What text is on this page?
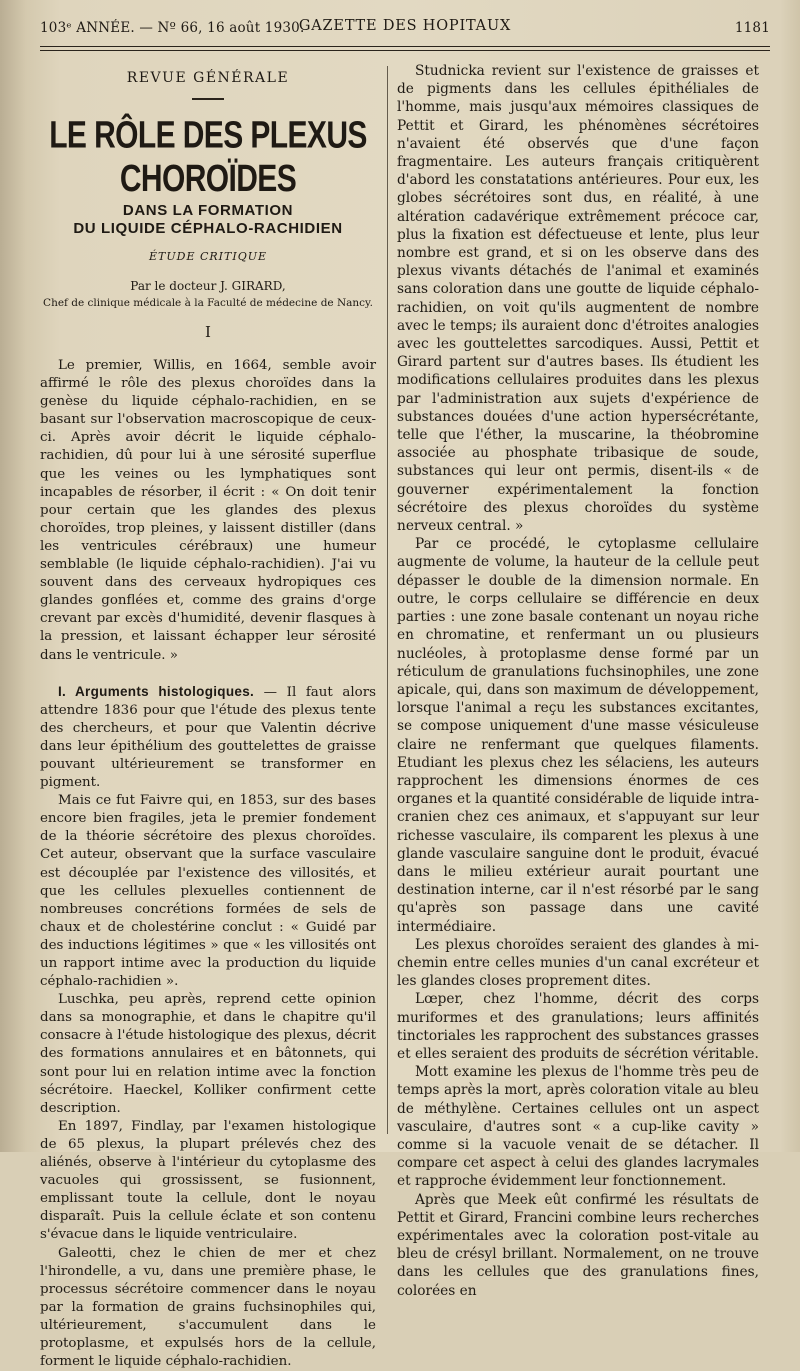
103ᵉ ANNÉE. — Nº 66, 16 août 1930.
GAZETTE DES HOPITAUX	1181
REVUE GÉNÉRALE
LE RÔLE DES PLEXUS CHOROÏDES
DANS LA FORMATION
DU LIQUIDE CÉPHALO-RACHIDIEN
ÉTUDE CRITIQUE
Par le docteur J. GIRARD,
Chef de clinique médicale à la Faculté de médecine de Nancy.
I

Le premier, Willis, en 1664, semble avoir affirmé le rôle des plexus choroïdes dans la genèse du liquide céphalo-rachidien, en se basant sur l'observation macroscopique de ceux-ci. Après avoir décrit le liquide céphalo-rachidien, dû pour lui à une sérosité superflue que les veines ou les lymphatiques sont incapables de résorber, il écrit : « On doit tenir pour certain que les glandes des plexus choroïdes, trop pleines, y laissent distiller (dans les ventricules cérébraux) une humeur semblable (le liquide céphalo-rachidien). J'ai vu souvent dans des cerveaux hydropiques ces glandes gonflées et, comme des grains d'orge crevant par excès d'humidité, devenir flasques à la pression, et laissant échapper leur sérosité dans le ventricule. »

I. Arguments histologiques. — Il faut alors attendre 1836 pour que l'étude des plexus tente des chercheurs, et pour que Valentin décrive dans leur épithélium des gouttelettes de graisse pouvant ultérieurement se transformer en pigment.

Mais ce fut Faivre qui, en 1853, sur des bases encore bien fragiles, jeta le premier fondement de la théorie sécrétoire des plexus choroïdes. Cet auteur, observant que la surface vasculaire est découplée par l'existence des villosités, et que les cellules plexuelles contiennent de nombreuses concrétions formées de sels de chaux et de cholestérine conclut : « Guidé par des inductions légitimes » que « les villosités ont un rapport intime avec la production du liquide céphalo-rachidien ».

Luschka, peu après, reprend cette opinion dans sa monographie, et dans le chapitre qu'il consacre à l'étude histologique des plexus, décrit des formations annulaires et en bâtonnets, qui sont pour lui en relation intime avec la fonction sécrétoire. Haeckel, Kolliker confirment cette description.

En 1897, Findlay, par l'examen histologique de 65 plexus, la plupart prélevés chez des aliénés, observe à l'intérieur du cytoplasme des vacuoles qui grossissent, se fusionnent, emplissant toute la cellule, dont le noyau disparaît. Puis la cellule éclate et son contenu s'évacue dans le liquide ventriculaire.

Galeotti, chez le chien de mer et chez l'hirondelle, a vu, dans une première phase, le processus sécrétoire commencer dans le noyau par la formation de grains fuchsinophiles qui, ultérieurement, s'accumulent dans le protoplasme, et expulsés hors de la cellule, forment le liquide céphalo-rachidien.

Studnicka revient sur l'existence de graisses et de pigments dans les cellules épithéliales de l'homme, mais jusqu'aux mémoires classiques de Pettit et Girard, les phénomènes sécrétoires n'avaient été observés que d'une façon fragmentaire. Les auteurs français critiquèrent d'abord les constatations antérieures. Pour eux, les globes sécrétoires sont dus, en réalité, à une altération cadavérique extrêmement précoce car, plus la fixation est défectueuse et lente, plus leur nombre est grand, et si on les observe dans des plexus vivants détachés de l'animal et examinés sans coloration dans une goutte de liquide céphalo-rachidien, on voit qu'ils augmentent de nombre avec le temps; ils auraient donc d'étroites analogies avec les gouttelettes sarcodiques. Aussi, Pettit et Girard partent sur d'autres bases. Ils étudient les modifications cellulaires produites dans les plexus par l'administration aux sujets d'expérience de substances douées d'une action hypersécrétante, telle que l'éther, la muscarine, la théobromine associée au phosphate tribasique de soude, substances qui leur ont permis, disent-ils « de gouverner expérimentalement la fonction sécrétoire des plexus choroïdes du système nerveux central. »

Par ce procédé, le cytoplasme cellulaire augmente de volume, la hauteur de la cellule peut dépasser le double de la dimension normale. En outre, le corps cellulaire se différencie en deux parties : une zone basale contenant un noyau riche en chromatine, et renfermant un ou plusieurs nucléoles, à protoplasme dense formé par un réticulum de granulations fuchsinophiles, une zone apicale, qui, dans son maximum de développement, lorsque l'animal a reçu les substances excitantes, se compose uniquement d'une masse vésiculeuse claire ne renfermant que quelques filaments. Etudiant les plexus chez les sélaciens, les auteurs rapprochent les dimensions énormes de ces organes et la quantité considérable de liquide intra-cranien chez ces animaux, et s'appuyant sur leur richesse vasculaire, ils comparent les plexus à une glande vasculaire sanguine dont le produit, évacué dans le milieu extérieur aurait pourtant une destination interne, car il n'est résorbé par le sang qu'après son passage dans une cavité intermédiaire.

Les plexus choroïdes seraient des glandes à mi-chemin entre celles munies d'un canal excréteur et les glandes closes proprement dites.

Lœper, chez l'homme, décrit des corps muriformes et des granulations; leurs affinités tinctoriales les rapprochent des substances grasses et elles seraient des produits de sécrétion véritable.

Mott examine les plexus de l'homme très peu de temps après la mort, après coloration vitale au bleu de méthylène. Certaines cellules ont un aspect vasculaire, d'autres sont « a cup-like cavity » comme si la vacuole venait de se détacher. Il compare cet aspect à celui des glandes lacrymales et rapproche évidemment leur fonctionnement.

Après que Meek eût confirmé les résultats de Pettit et Girard, Francini combine leurs recherches expérimentales avec la coloration post-vitale au bleu de crésyl brillant. Normalement, on ne trouve dans les cellules que des granulations fines, colorées en
